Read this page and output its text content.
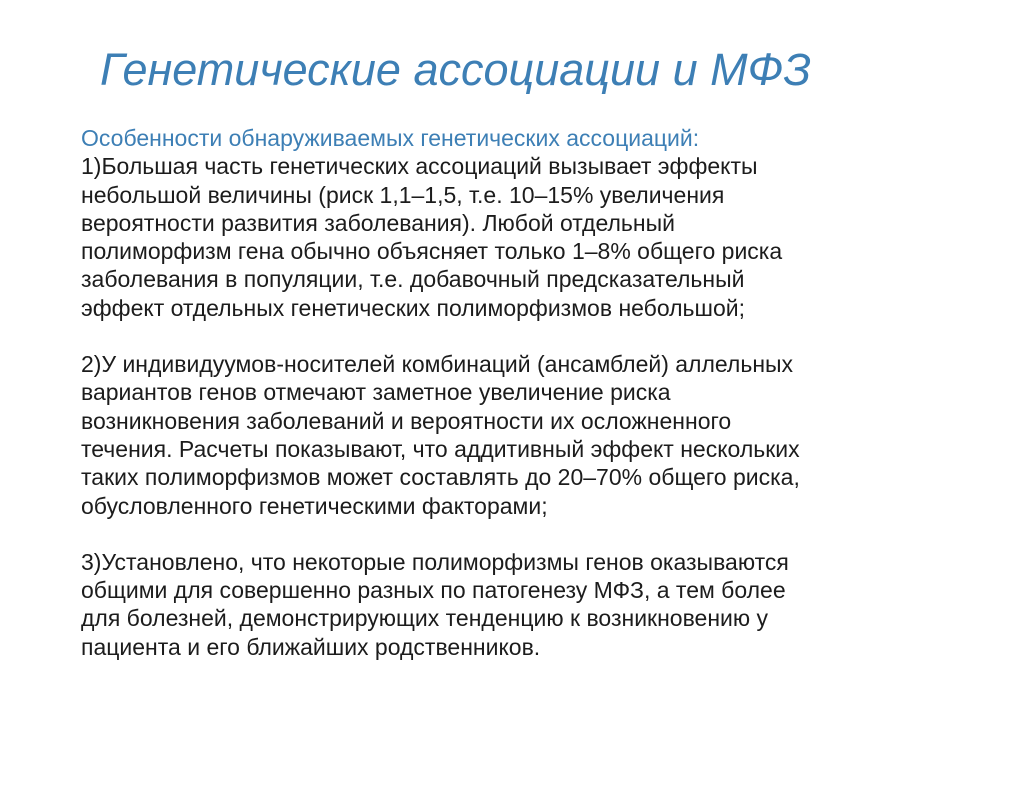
Генетические ассоциации и МФЗ
Особенности обнаруживаемых генетических ассоциаций:
1)Большая часть генетических ассоциаций вызывает эффекты
небольшой величины (риск 1,1–1,5, т.е. 10–15% увеличения
вероятности развития заболевания). Любой отдельный
полиморфизм гена обычно объясняет только 1–8% общего риска
заболевания в популяции, т.е. добавочный предсказательный
эффект отдельных генетических полиморфизмов небольшой;
2)У индивидуумов-носителей комбинаций (ансамблей) аллельных
вариантов генов отмечают заметное увеличение риска
возникновения заболеваний и вероятности их осложненного
течения. Расчеты показывают, что аддитивный эффект нескольких
таких полиморфизмов может составлять до 20–70% общего риска,
обусловленного генетическими факторами;
3)Установлено, что некоторые полиморфизмы генов оказываются
общими для совершенно разных по патогенезу МФЗ, а тем более
для болезней, демонстрирующих тенденцию к возникновению у
пациента и его ближайших родственников.
